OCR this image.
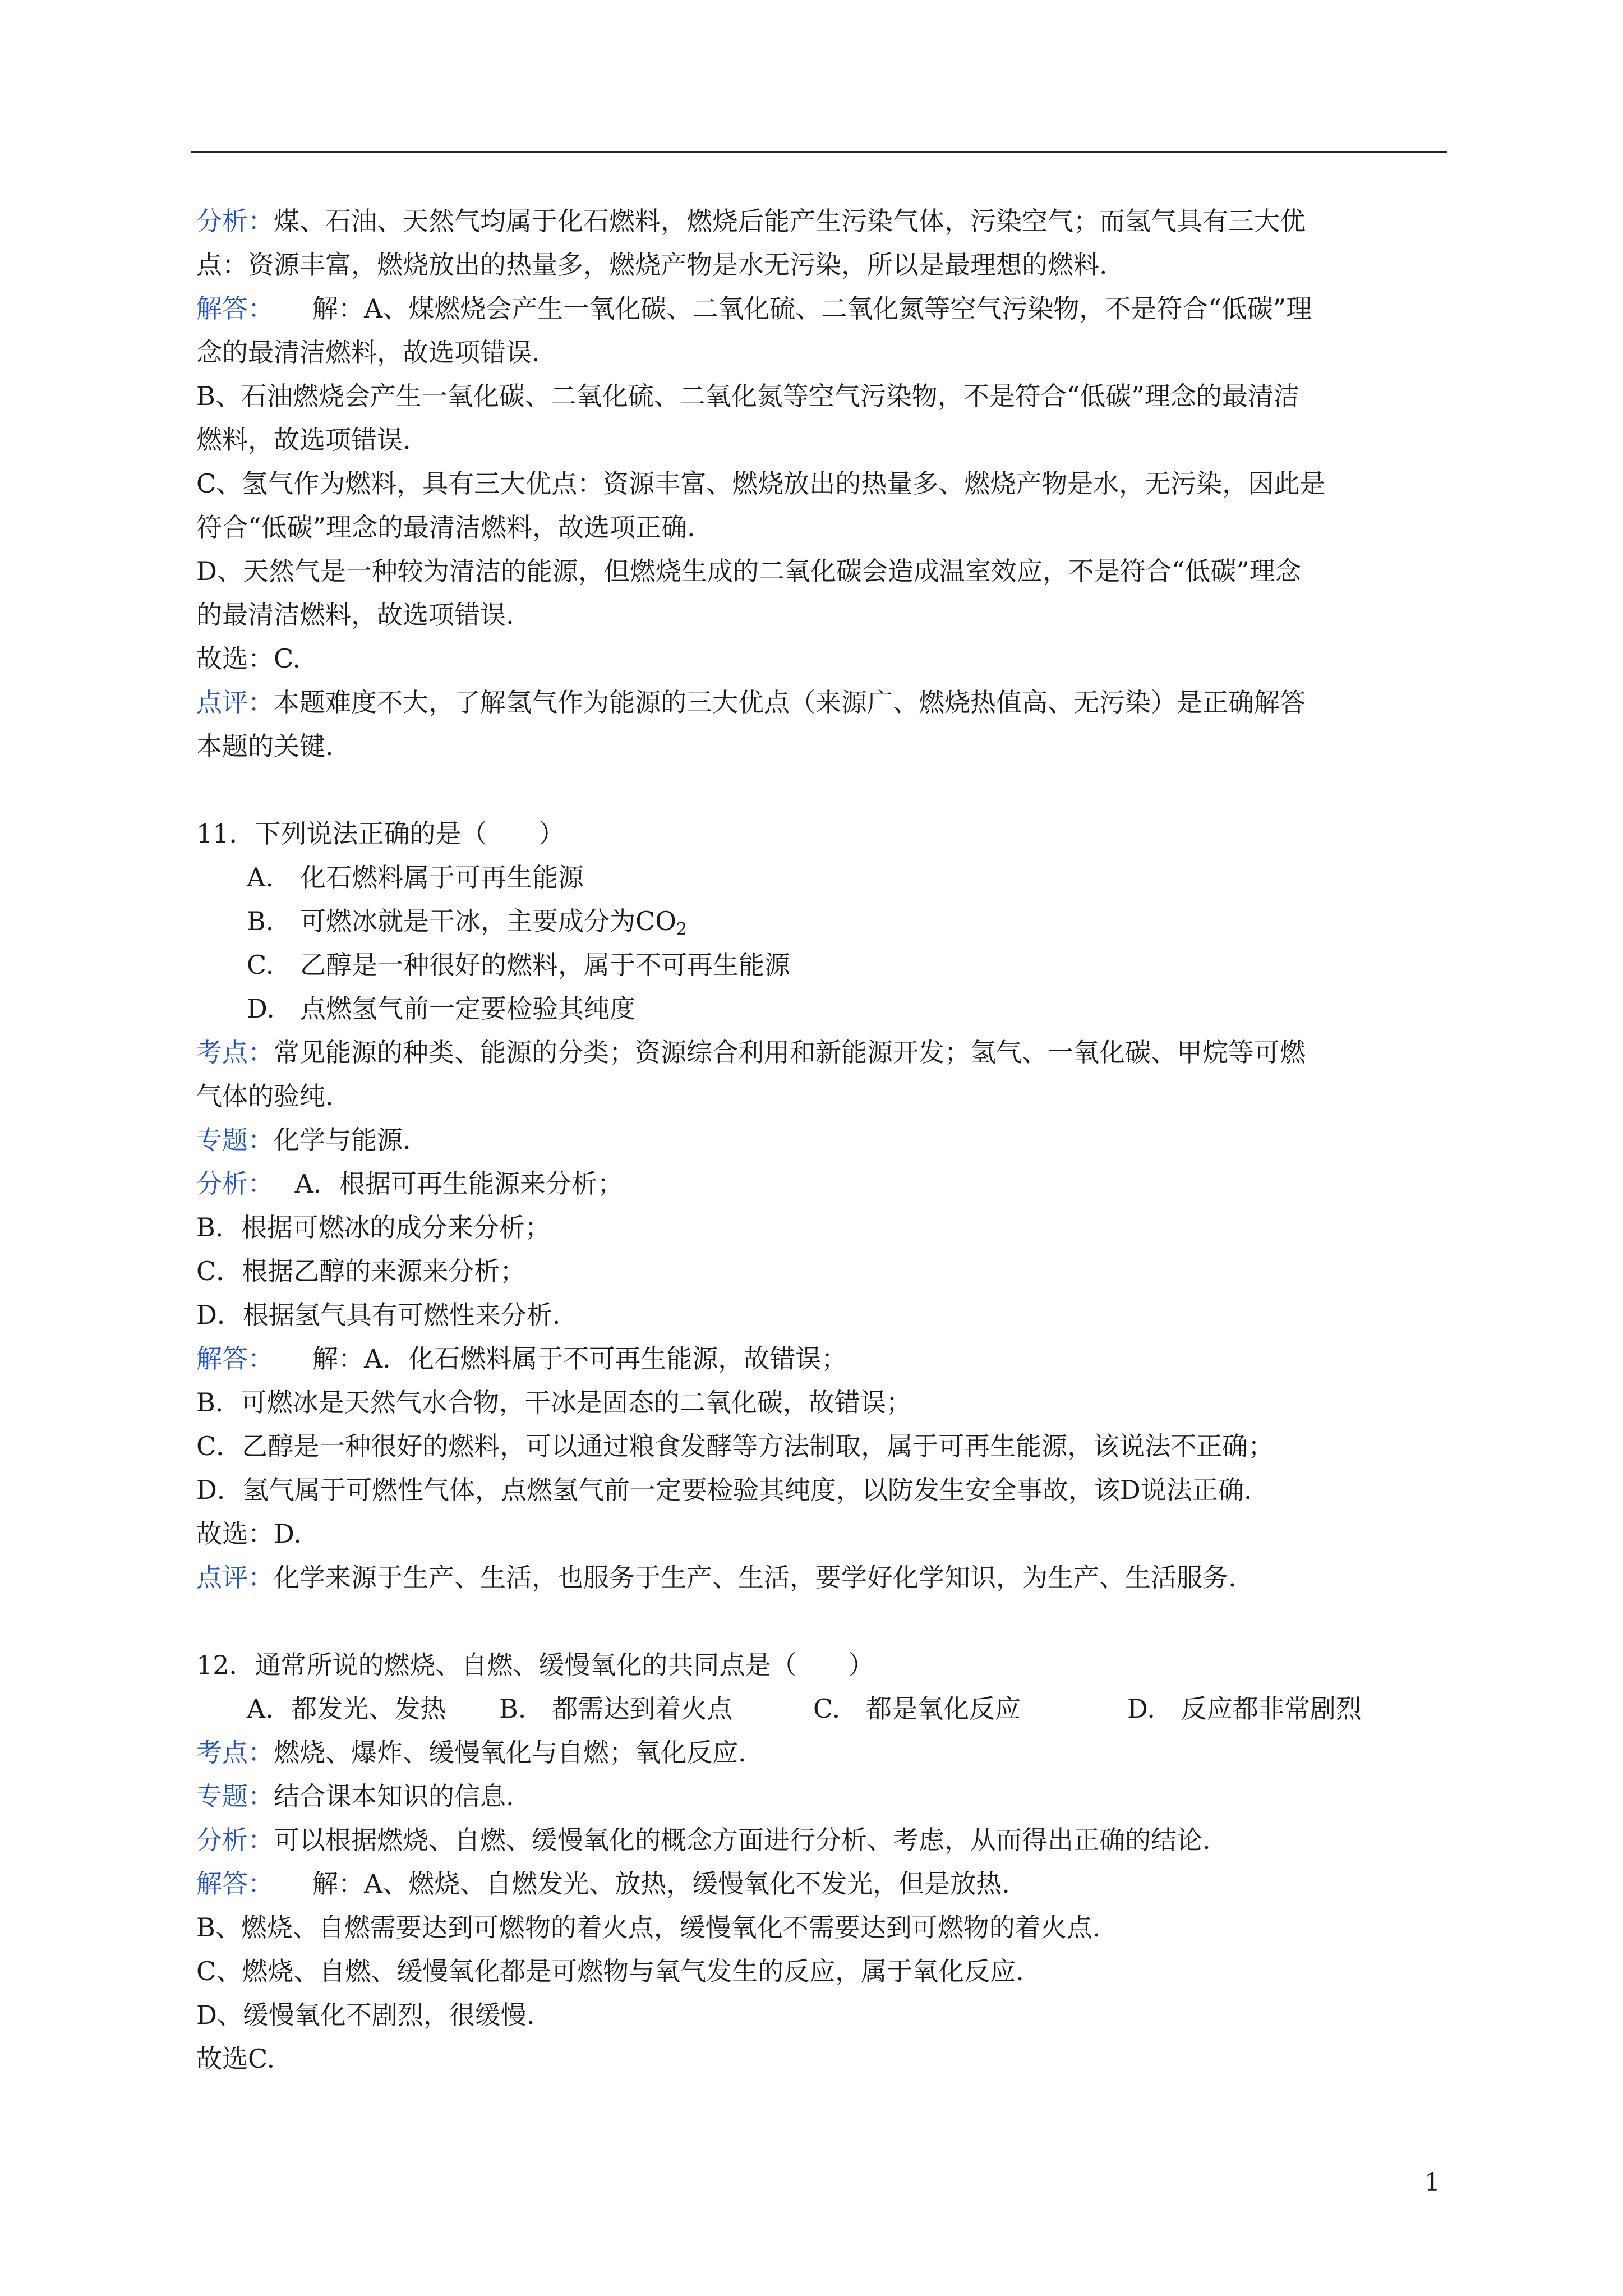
分析：煤、石油、天然气均属于化石燃料，燃烧后能产生污染气体，污染空气；而氢气具有三大优
点：资源丰富，燃烧放出的热量多，燃烧产物是水无污染，所以是最理想的燃料.
解答：　　解：A、煤燃烧会产生一氧化碳、二氧化硫、二氧化氮等空气污染物，不是符合“低碳”理
念的最清洁燃料，故选项错误.
B、石油燃烧会产生一氧化碳、二氧化硫、二氧化氮等空气污染物，不是符合“低碳”理念的最清洁
燃料，故选项错误.
C、氢气作为燃料，具有三大优点：资源丰富、燃烧放出的热量多、燃烧产物是水，无污染，因此是
符合“低碳”理念的最清洁燃料，故选项正确.
D、天然气是一种较为清洁的能源，但燃烧生成的二氧化碳会造成温室效应，不是符合“低碳”理念
的最清洁燃料，故选项错误.
故选：C.
点评：本题难度不大，了解氢气作为能源的三大优点（来源广、燃烧热值高、无污染）是正确解答
本题的关键.
11．下列说法正确的是（　　）
A. 化石燃料属于可再生能源
B. 可燃冰就是干冰，主要成分为$CO_2$
C. 乙醇是一种很好的燃料，属于不可再生能源
D. 点燃氢气前一定要检验其纯度
考点：常见能源的种类、能源的分类；资源综合利用和新能源开发；氢气、一氧化碳、甲烷等可燃
气体的验纯.
专题：化学与能源.
分析：　 A．根据可再生能源来分析；
B．根据可燃冰的成分来分析；
C．根据乙醇的来源来分析；
D．根据氢气具有可燃性来分析.
解答：　　解：A．化石燃料属于不可再生能源，故错误；
B．可燃冰是天然气水合物，干冰是固态的二氧化碳，故错误；
C．乙醇是一种很好的燃料，可以通过粮食发酵等方法制取，属于可再生能源，该说法不正确；
D．氢气属于可燃性气体，点燃氢气前一定要检验其纯度，以防发生安全事故，该D说法正确.
故选：D.
点评：化学来源于生产、生活，也服务于生产、生活，要学好化学知识，为生产、生活服务.
12．通常所说的燃烧、自燃、缓慢氧化的共同点是（　　）
A．都发光、发热 B.　都需达到着火点	C.　都是氧化反应	D.　反应都非常剧烈
考点：燃烧、爆炸、缓慢氧化与自燃；氧化反应.
专题：结合课本知识的信息.
分析：可以根据燃烧、自燃、缓慢氧化的概念方面进行分析、考虑，从而得出正确的结论.
解答：　　解：A、燃烧、自燃发光、放热，缓慢氧化不发光，但是放热.
B、燃烧、自燃需要达到可燃物的着火点，缓慢氧化不需要达到可燃物的着火点.
C、燃烧、自燃、缓慢氧化都是可燃物与氧气发生的反应，属于氧化反应.
D、缓慢氧化不剧烈，很缓慢.
故选C.
1
